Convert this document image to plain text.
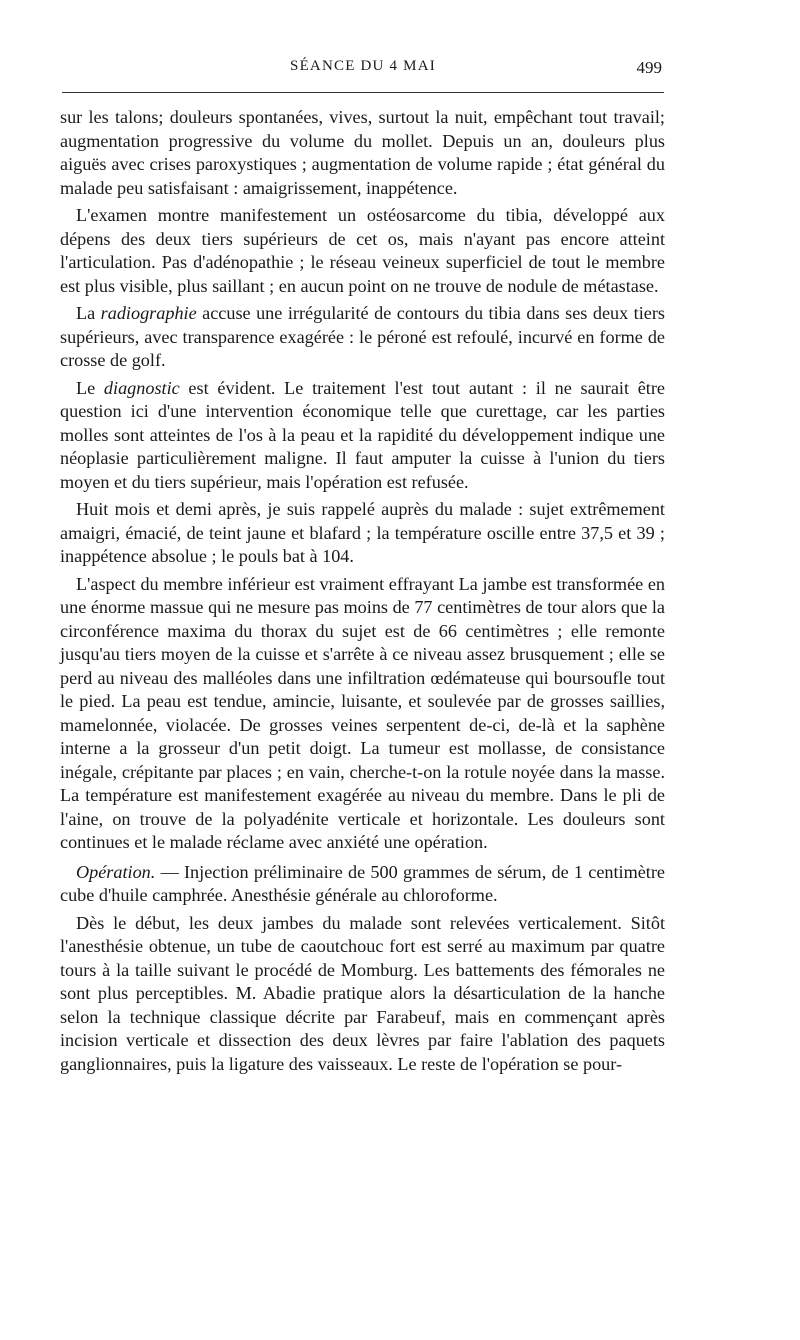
SÉANCE DU 4 MAI	499

sur les talons; douleurs spontanées, vives, surtout la nuit, empêchant tout travail; augmentation progressive du volume du mollet. Depuis un an, douleurs plus aiguës avec crises paroxystiques ; augmentation de volume rapide ; état général du malade peu satisfaisant : amaigrissement, inappétence.

L'examen montre manifestement un ostéosarcome du tibia, développé aux dépens des deux tiers supérieurs de cet os, mais n'ayant pas encore atteint l'articulation. Pas d'adénopathie ; le réseau veineux superficiel de tout le membre est plus visible, plus saillant ; en aucun point on ne trouve de nodule de métastase.

La radiographie accuse une irrégularité de contours du tibia dans ses deux tiers supérieurs, avec transparence exagérée : le péroné est refoulé, incurvé en forme de crosse de golf.

Le diagnostic est évident. Le traitement l'est tout autant : il ne saurait être question ici d'une intervention économique telle que curettage, car les parties molles sont atteintes de l'os à la peau et la rapidité du développement indique une néoplasie particulièrement maligne. Il faut amputer la cuisse à l'union du tiers moyen et du tiers supérieur, mais l'opération est refusée.

Huit mois et demi après, je suis rappelé auprès du malade : sujet extrêmement amaigri, émacié, de teint jaune et blafard ; la température oscille entre 37,5 et 39 ; inappétence absolue ; le pouls bat à 104.

L'aspect du membre inférieur est vraiment effrayant La jambe est transformée en une énorme massue qui ne mesure pas moins de 77 centimètres de tour alors que la circonférence maxima du thorax du sujet est de 66 centimètres ; elle remonte jusqu'au tiers moyen de la cuisse et s'arrête à ce niveau assez brusquement ; elle se perd au niveau des malléoles dans une infiltration œdémateuse qui boursoufle tout le pied. La peau est tendue, amincie, luisante, et soulevée par de grosses saillies, mamelonnée, violacée. De grosses veines serpentent de-ci, de-là et la saphène interne a la grosseur d'un petit doigt. La tumeur est mollasse, de consistance inégale, crépitante par places ; en vain, cherche-t-on la rotule noyée dans la masse. La température est manifestement exagérée au niveau du membre. Dans le pli de l'aine, on trouve de la polyadénite verticale et horizontale. Les douleurs sont continues et le malade réclame avec anxiété une opération.

Opération. — Injection préliminaire de 500 grammes de sérum, de 1 centimètre cube d'huile camphrée. Anesthésie générale au chloroforme.

Dès le début, les deux jambes du malade sont relevées verticalement. Sitôt l'anesthésie obtenue, un tube de caoutchouc fort est serré au maximum par quatre tours à la taille suivant le procédé de Momburg. Les battements des fémorales ne sont plus perceptibles. M. Abadie pratique alors la désarticulation de la hanche selon la technique classique décrite par Farabeuf, mais en commençant après incision verticale et dissection des deux lèvres par faire l'ablation des paquets ganglionnaires, puis la ligature des vaisseaux. Le reste de l'opération se pour-
